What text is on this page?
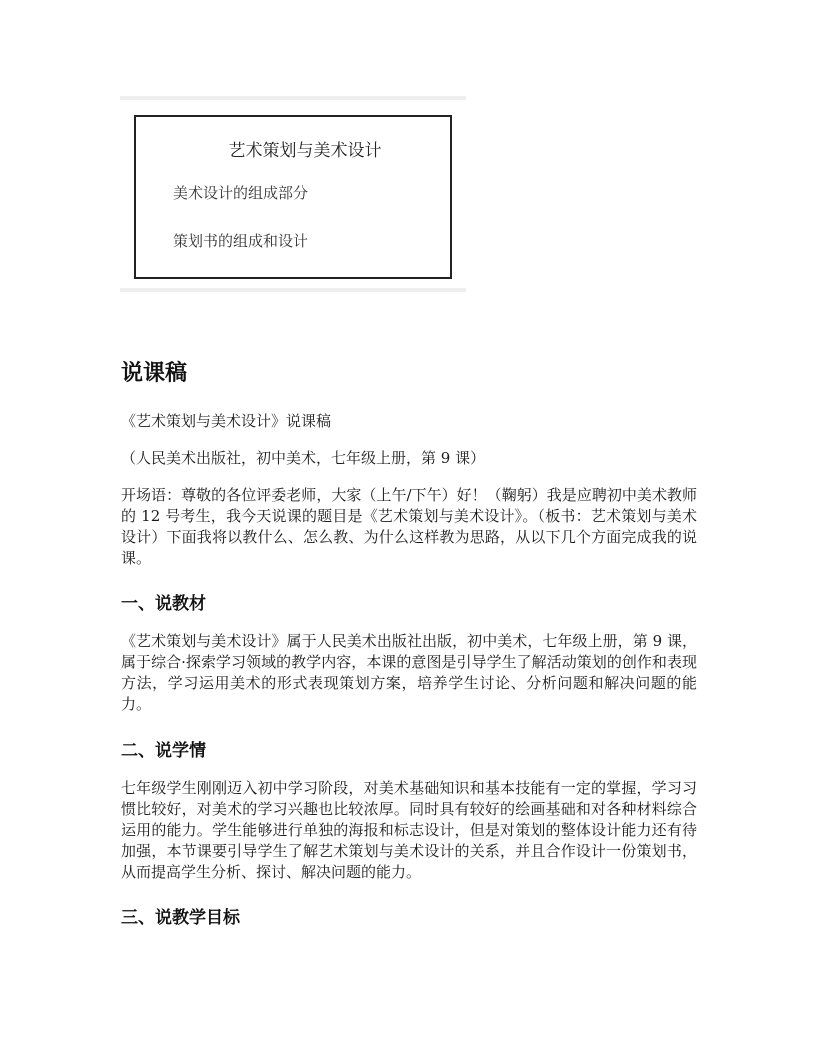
艺术策划与美术设计
美术设计的组成部分
策划书的组成和设计
说课稿

《艺术策划与美术设计》说课稿

（人民美术出版社，初中美术，七年级上册，第 9 课）

开场语：尊敬的各位评委老师，大家（上午/下午）好！（鞠躬）我是应聘初中美术教师的 12 号考生，我今天说课的题目是《艺术策划与美术设计》。（板书：艺术策划与美术设计）下面我将以教什么、怎么教、为什么这样教为思路，从以下几个方面完成我的说课。

一、说教材

《艺术策划与美术设计》属于人民美术出版社出版，初中美术，七年级上册，第 9 课，属于综合·探索学习领域的教学内容，本课的意图是引导学生了解活动策划的创作和表现方法，学习运用美术的形式表现策划方案，培养学生讨论、分析问题和解决问题的能力。

二、说学情

七年级学生刚刚迈入初中学习阶段，对美术基础知识和基本技能有一定的掌握，学习习惯比较好，对美术的学习兴趣也比较浓厚。同时具有较好的绘画基础和对各种材料综合运用的能力。学生能够进行单独的海报和标志设计，但是对策划的整体设计能力还有待加强，本节课要引导学生了解艺术策划与美术设计的关系，并且合作设计一份策划书，从而提高学生分析、探讨、解决问题的能力。

三、说教学目标
